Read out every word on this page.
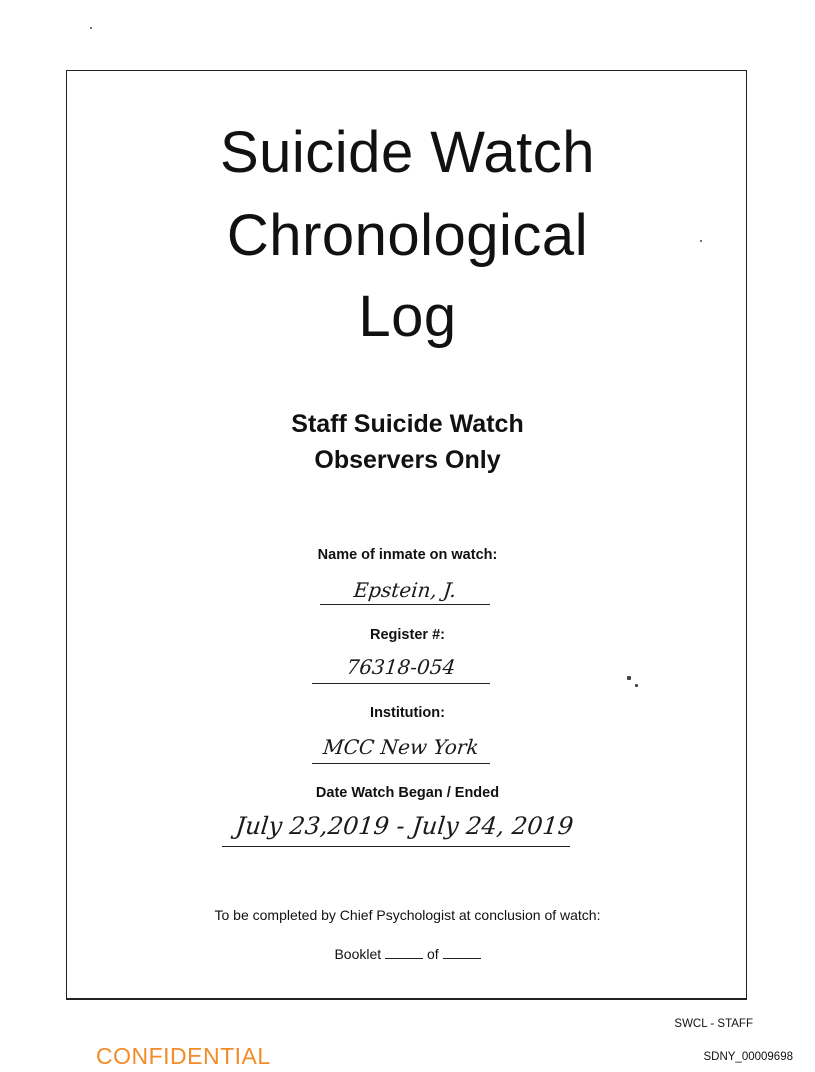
Suicide Watch
Chronological
Log
Staff Suicide Watch
Observers Only
Name of inmate on watch:
Epstein, J.
Register #:
76318-054
Institution:
MCC New York
Date Watch Began / Ended
July 23,2019 - July 24, 2019
To be completed by Chief Psychologist at conclusion of watch:
Booklet	of
SWCL - STAFF
SDNY_00009698
CONFIDENTIAL
